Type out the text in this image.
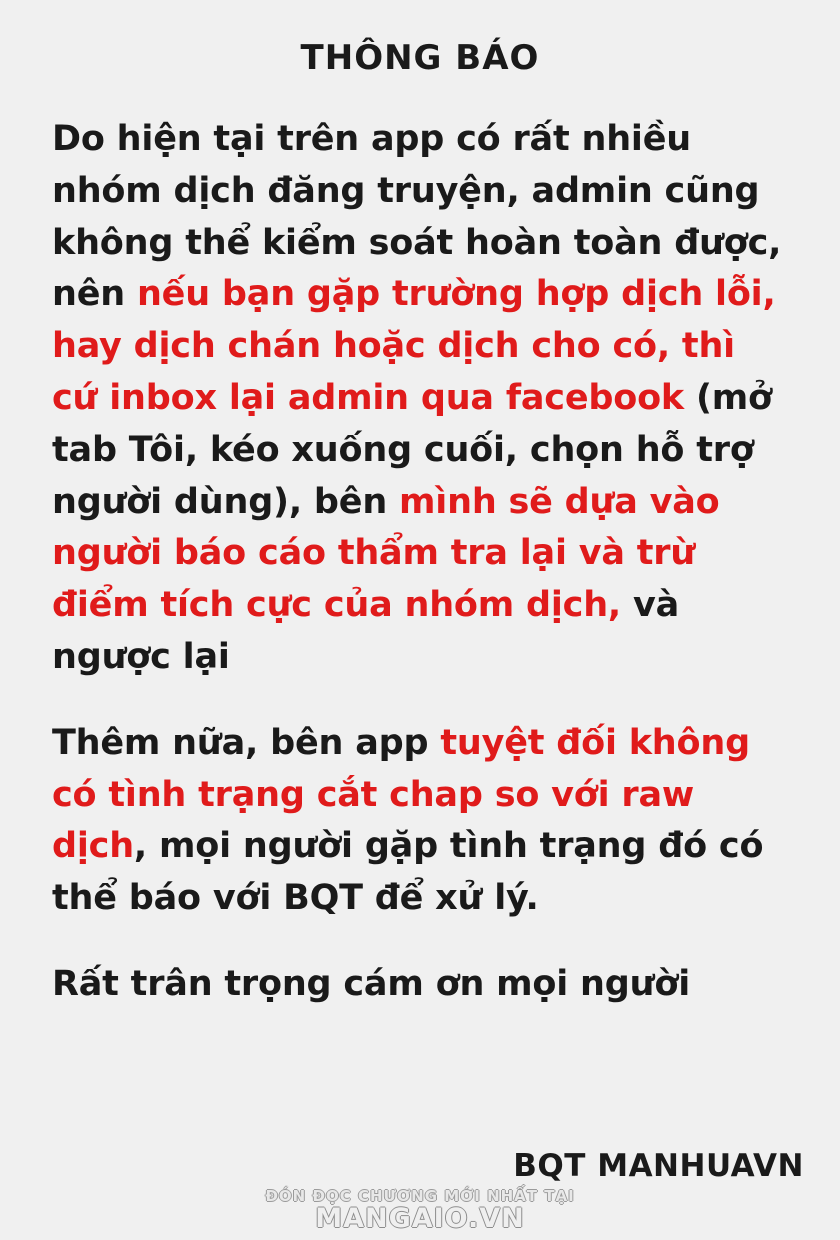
THÔNG BÁO

Do hiện tại trên app có rất nhiều nhóm dịch đăng truyện, admin cũng không thể kiểm soát hoàn toàn được, nên nếu bạn gặp trường hợp dịch lỗi, hay dịch chán hoặc dịch cho có, thì cứ inbox lại admin qua facebook (mở tab Tôi, kéo xuống cuối, chọn hỗ trợ người dùng), bên mình sẽ dựa vào người báo cáo thẩm tra lại và trừ điểm tích cực của nhóm dịch, và ngược lại

Thêm nữa, bên app tuyệt đối không có tình trạng cắt chap so với raw dịch, mọi người gặp tình trạng đó có thể báo với BQT để xử lý.

Rất trân trọng cám ơn mọi người

BQT MANHUAVN
ĐÓN ĐỌC CHƯƠNG MỚI NHẤT TẠI
MANGAIO.VN
